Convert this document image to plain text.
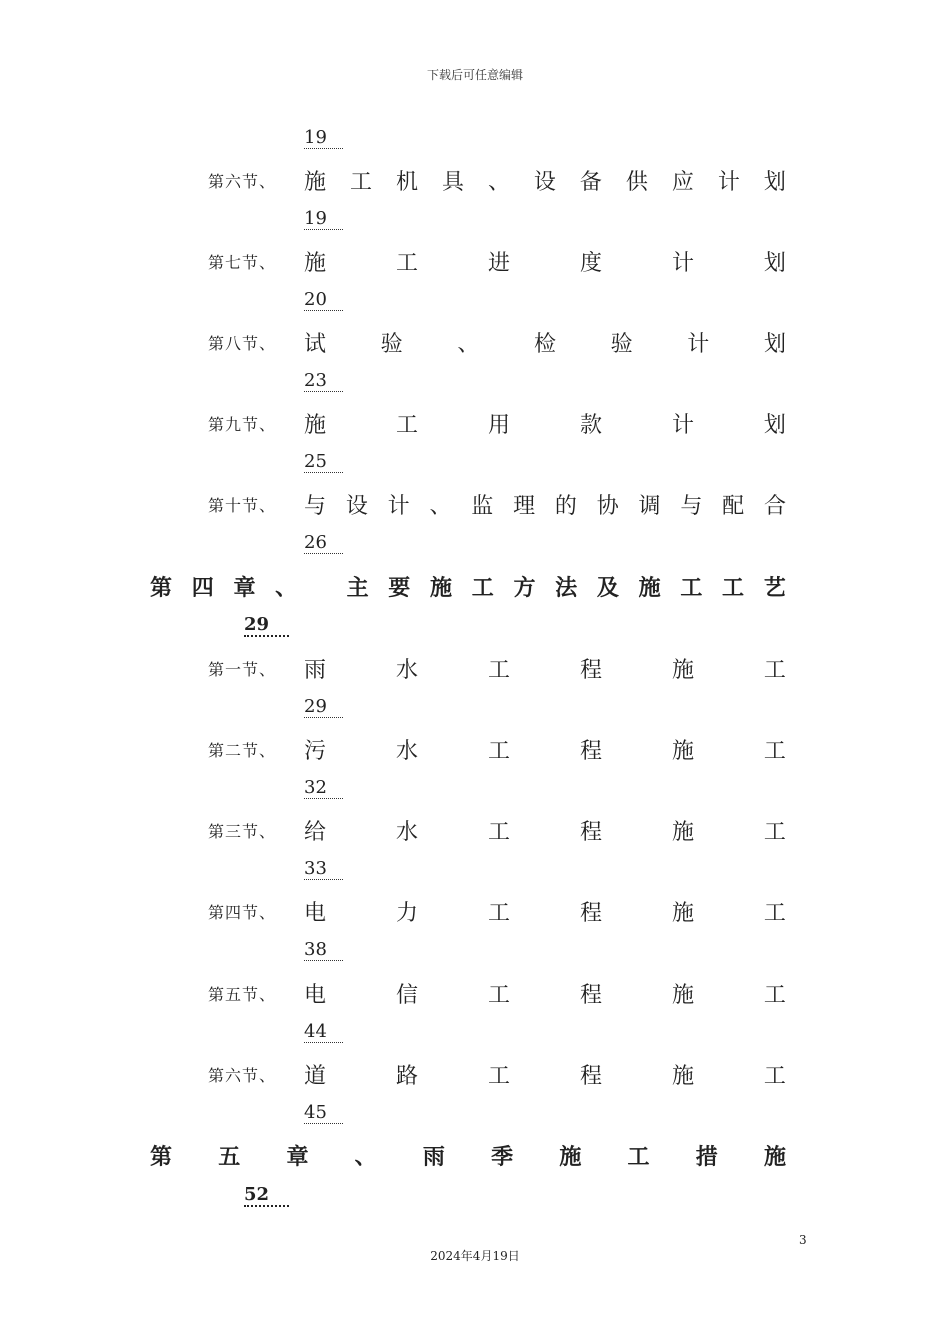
下载后可任意编辑
19
第六节、	施 工 机 具 、 设 备 供 应 计 划
19
第七节、	施	工	进	度	计	划
20
第八节、	试 验 、 检 验 计 划
23
第九节、	施	工	用	款	计	划
25
第十节、	与 设 计 、 监 理 的 协 调 与 配 合
26
第 四 章 、 主 要 施 工 方 法 及 施 工 工 艺
29
第一节、	雨	水	工	程	施	工
29
第二节、	污	水	工	程	施	工
32
第三节、	给	水	工	程	施	工
33
第四节、	电	力	工	程	施	工
38
第五节、	电	信	工	程	施	工
44
第六节、	道	路	工	程	施	工
45
第 五 章 、 雨 季 施 工 措 施
52
3
2024年4月19日
